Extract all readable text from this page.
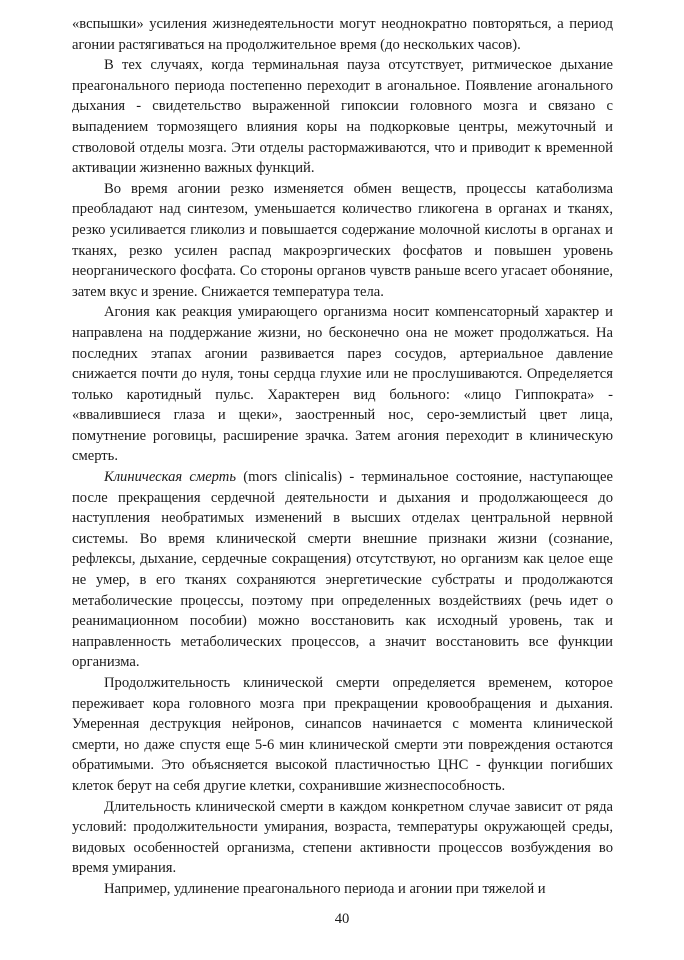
«вспышки» усиления жизнедеятельности могут неоднократно повторяться, а период агонии растягиваться на продолжительное время (до нескольких часов).

В тех случаях, когда терминальная пауза отсутствует, ритмическое дыхание преагонального периода постепенно переходит в агональное. Появление агонального дыхания - свидетельство выраженной гипоксии головного мозга и связано с выпадением тормозящего влияния коры на подкорковые центры, межуточный и стволовой отделы мозга. Эти отделы растормаживаются, что и приводит к временной активации жизненно важных функций.

Во время агонии резко изменяется обмен веществ, процессы катаболизма преобладают над синтезом, уменьшается количество гликогена в органах и тканях, резко усиливается гликолиз и повышается содержание молочной кислоты в органах и тканях, резко усилен распад макроэргических фосфатов и повышен уровень неорганического фосфата. Со стороны органов чувств раньше всего угасает обоняние, затем вкус и зрение. Снижается температура тела.

Агония как реакция умирающего организма носит компенсаторный характер и направлена на поддержание жизни, но бесконечно она не может продолжаться. На последних этапах агонии развивается парез сосудов, артериальное давление снижается почти до нуля, тоны сердца глухие или не прослушиваются. Определяется только каротидный пульс. Характерен вид больного: «лицо Гиппократа» - «ввалившиеся глаза и щеки», заостренный нос, серо-землистый цвет лица, помутнение роговицы, расширение зрачка. Затем агония переходит в клиническую смерть.

Клиническая смерть (mors clinicalis) - терминальное состояние, наступающее после прекращения сердечной деятельности и дыхания и продолжающееся до наступления необратимых изменений в высших отделах центральной нервной системы. Во время клинической смерти внешние признаки жизни (сознание, рефлексы, дыхание, сердечные сокращения) отсутствуют, но организм как целое еще не умер, в его тканях сохраняются энергетические субстраты и продолжаются метаболические процессы, поэтому при определенных воздействиях (речь идет о реанимационном пособии) можно восстановить как исходный уровень, так и направленность метаболических процессов, а значит восстановить все функции организма.

Продолжительность клинической смерти определяется временем, которое переживает кора головного мозга при прекращении кровообращения и дыхания. Умеренная деструкция нейронов, синапсов начинается с момента клинической смерти, но даже спустя еще 5-6 мин клинической смерти эти повреждения остаются обратимыми. Это объясняется высокой пластичностью ЦНС - функции погибших клеток берут на себя другие клетки, сохранившие жизнеспособность.

Длительность клинической смерти в каждом конкретном случае зависит от ряда условий: продолжительности умирания, возраста, температуры окружающей среды, видовых особенностей организма, степени активности процессов возбуждения во время умирания.

Например, удлинение преагонального периода и агонии при тяжелой и

40
